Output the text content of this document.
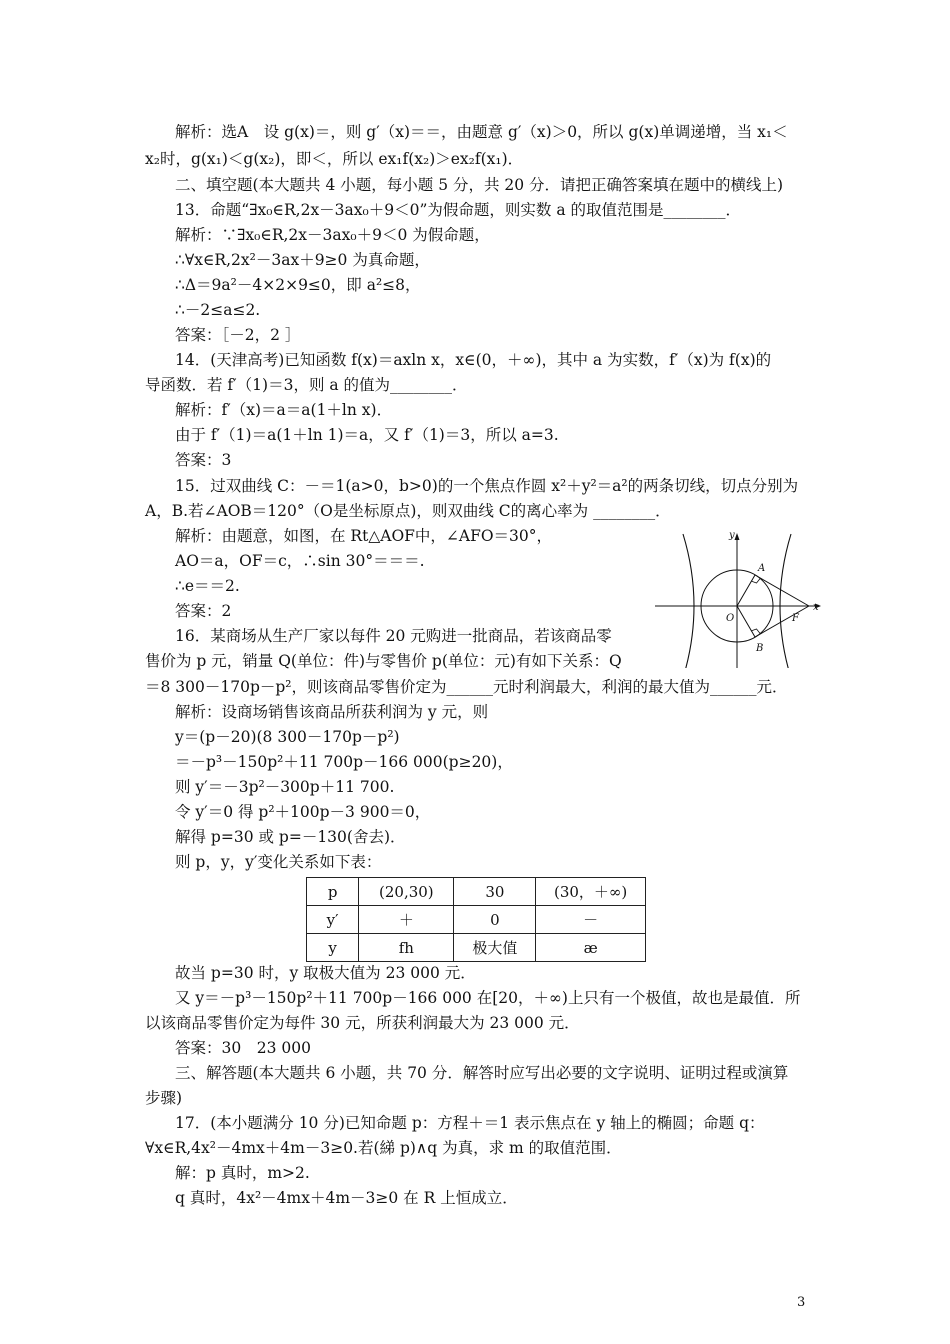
解析：选A　设 g(x)＝，则 g′（x)＝＝，由题意 g′（x)＞0，所以 g(x)单调递增，当 x₁＜
x₂时，g(x₁)＜g(x₂)，即＜，所以 ex₁f(x₂)＞ex₂f(x₁)．
二、填空题(本大题共 4 小题，每小题 5 分，共 20 分．请把正确答案填在题中的横线上)
13．命题“∃x₀∈R,2x－3ax₀＋9＜0”为假命题，则实数 a 的取值范围是________．
解析：∵∃x₀∈R,2x－3ax₀＋9＜0 为假命题，
∴∀x∈R,2x²－3ax＋9≥0 为真命题，
∴Δ＝9a²－4×2×9≤0，即 a²≤8，
∴－2≤a≤2.
答案：［－2，2 ］
14．(天津高考)已知函数 f(x)＝axln x，x∈(0，＋∞)，其中 a 为实数，f′（x)为 f(x)的
导函数．若 f′（1)＝3，则 a 的值为________．
解析：f′（x)＝a＝a(1＋ln x)．
由于 f′（1)＝a(1＋ln 1)＝a，又 f′（1)＝3，所以 a=3.
答案：3
15．过双曲线 C：－＝1(a>0，b>0)的一个焦点作圆 x²＋y²＝a²的两条切线，切点分别为
A，B.若∠AOB＝120°（O是坐标原点)，则双曲线 C的离心率为 ________．
解析：由题意，如图，在 Rt△AOF中，∠AFO＝30°，
AO＝a，OF＝c，∴sin 30°＝＝＝.
∴e＝＝2.
答案：2
16．某商场从生产厂家以每件 20 元购进一批商品，若该商品零
售价为 p 元，销量 Q(单位：件)与零售价 p(单位：元)有如下关系：Q
＝8 300－170p－p²，则该商品零售价定为______元时利润最大，利润的最大值为______元．
解析：设商场销售该商品所获利润为 y 元，则
y＝(p－20)(8 300－170p－p²)
＝－p³－150p²＋11 700p－166 000(p≥20)，
则 y′＝－3p²－300p＋11 700.
令 y′＝0 得 p²＋100p－3 900＝0，
解得 p=30 或 p=－130(舍去)．
则 p，y，y′变化关系如下表：
p	(20,30)	30	(30，＋∞)
y′	＋	0	－
y	fh	极大值	æ
故当 p=30 时，y 取极大值为 23 000 元．
又 y＝－p³－150p²＋11 700p－166 000 在[20，＋∞)上只有一个极值，故也是最值．所
以该商品零售价定为每件 30 元，所获利润最大为 23 000 元．
答案：30　23 000
三、解答题(本大题共 6 小题，共 70 分．解答时应写出必要的文字说明、证明过程或演算
步骤)
17．(本小题满分 10 分)已知命题 p：方程＋＝1 表示焦点在 y 轴上的椭圆；命题 q：
∀x∈R,4x²－4mx＋4m－3≥0.若(綈 p)∧q 为真，求 m 的取值范围．
解：p 真时，m>2.
q 真时，4x²－4mx＋4m－3≥0 在 R 上恒成立．
y
x
O
A
B
F
3
